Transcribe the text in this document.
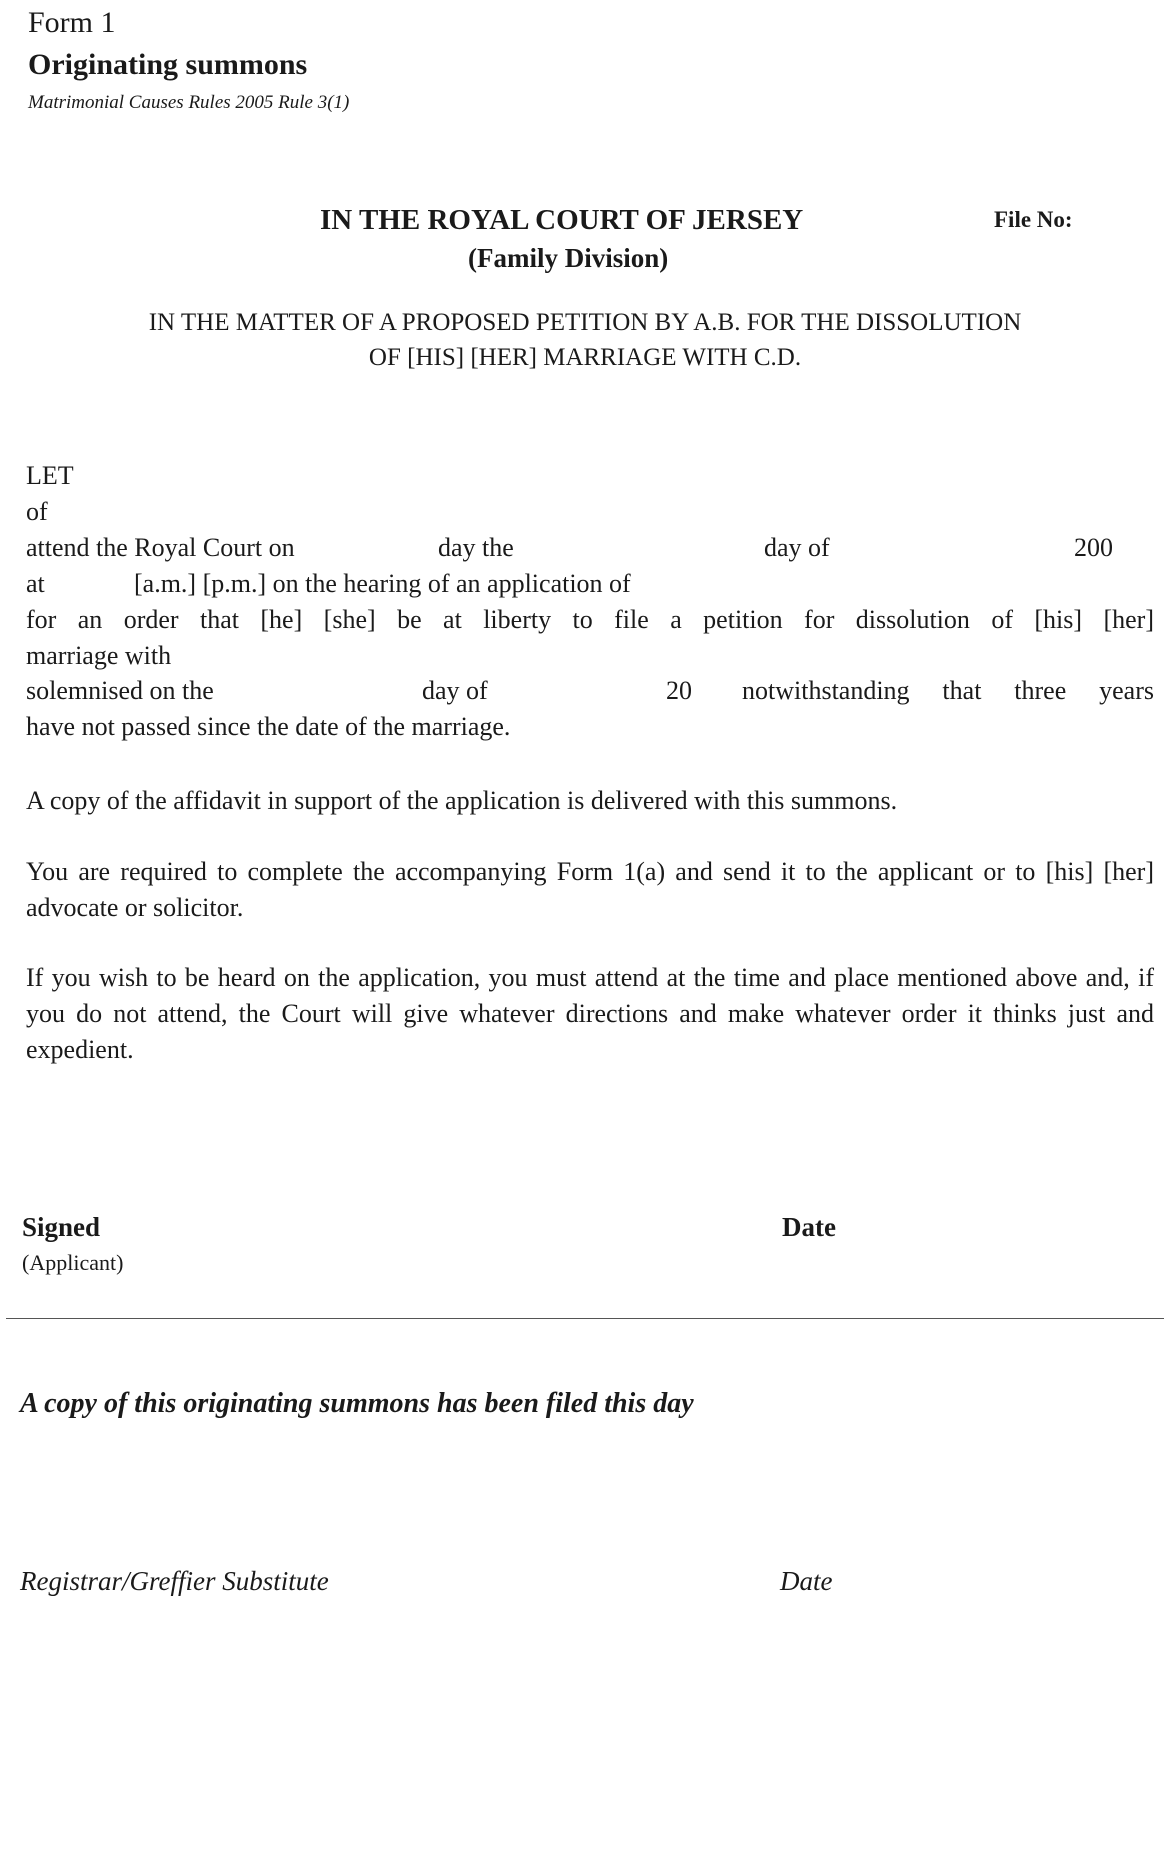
Form 1
Originating summons
Matrimonial Causes Rules 2005 Rule 3(1)
IN THE ROYAL COURT OF JERSEY	File No:
(Family Division)
IN THE MATTER OF A PROPOSED PETITION BY A.B. FOR THE DISSOLUTION
OF [HIS] [HER] MARRIAGE WITH C.D.
LET
of
attend the Royal Court on	day the	day of	200
at	[a.m.] [p.m.] on the hearing of an application of
for an order that [he] [she] be at liberty to file a petition for dissolution of [his] [her]
marriage with
solemnised on the	day of	20 notwithstanding that three years
have not passed since the date of the marriage.
A copy of the affidavit in support of the application is delivered with this summons.
You are required to complete the accompanying Form 1(a) and send it to the applicant or to [his] [her] advocate or solicitor.
If you wish to be heard on the application, you must attend at the time and place mentioned above and, if you do not attend, the Court will give whatever directions and make whatever order it thinks just and expedient.
Signed
(Applicant)
Date
A copy of this originating summons has been filed this day
Registrar/Greffier Substitute	Date
